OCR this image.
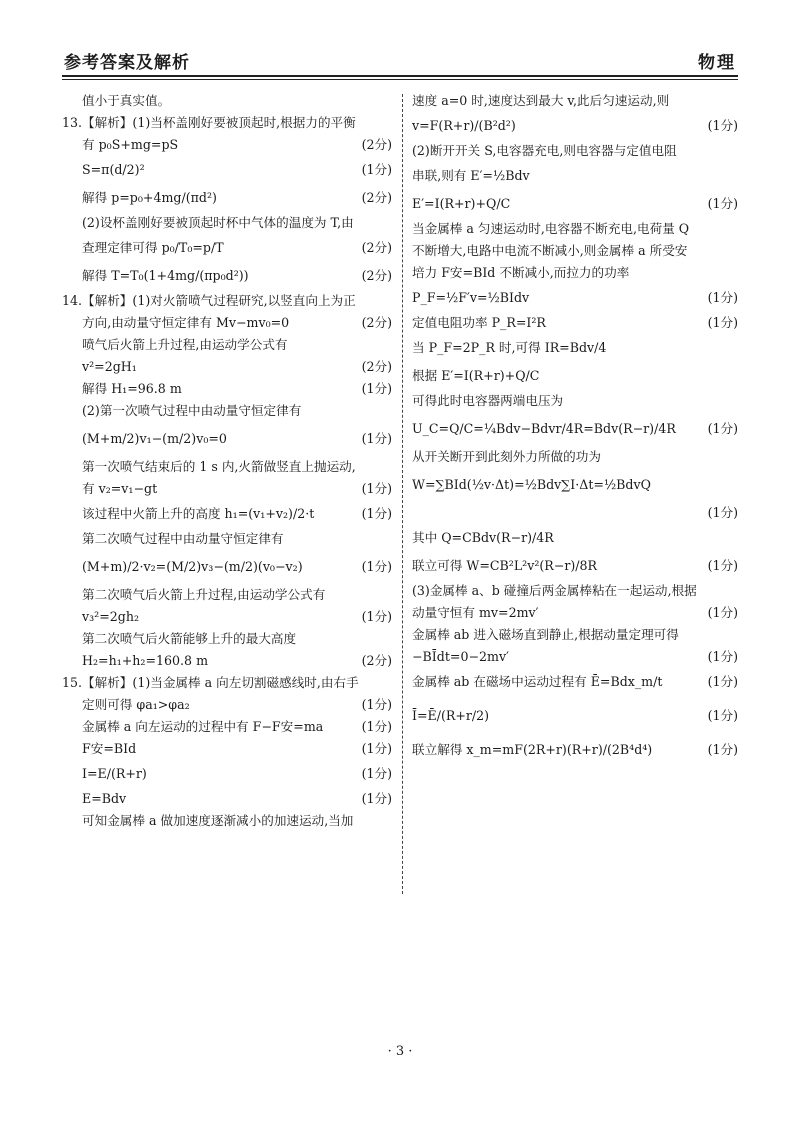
参考答案及解析	物理
值小于真实值。
13.【解析】(1)当杯盖刚好要被顶起时,根据力的平衡
有 p₀S+mg=pS	(2分)
S=π(d/2)²	(1分)
解得 p=p₀+4mg/(πd²)	(2分)
(2)设杯盖刚好要被顶起时杯中气体的温度为 T,由
查理定律可得 p₀/T₀=p/T	(2分)
解得 T=T₀(1+4mg/(πp₀d²))	(2分)
14.【解析】(1)对火箭喷气过程研究,以竖直向上为正
方向,由动量守恒定律有 Mv−mv₀=0	(2分)
喷气后火箭上升过程,由运动学公式有
v²=2gH₁	(2分)
解得 H₁=96.8 m	(1分)
(2)第一次喷气过程中由动量守恒定律有
(M+m/2)v₁−(m/2)v₀=0	(1分)
第一次喷气结束后的 1 s 内,火箭做竖直上抛运动,
有 v₂=v₁−gt	(1分)
该过程中火箭上升的高度 h₁=(v₁+v₂)/2·t	(1分)
第二次喷气过程中由动量守恒定律有
(M+m)/2·v₂=(M/2)v₃−(m/2)(v₀−v₂)	(1分)
第二次喷气后火箭上升过程,由运动学公式有
v₃²=2gh₂	(1分)
第二次喷气后火箭能够上升的最大高度
H₂=h₁+h₂=160.8 m	(2分)
15.【解析】(1)当金属棒 a 向左切割磁感线时,由右手
定则可得 φa₁>φa₂	(1分)
金属棒 a 向左运动的过程中有 F−F安=ma	(1分)
F安=BId	(1分)
I=E/(R+r)	(1分)
E=Bdv	(1分)
可知金属棒 a 做加速度逐渐减小的加速运动,当加
速度 a=0 时,速度达到最大 v,此后匀速运动,则
v=F(R+r)/(B²d²)	(1分)
(2)断开开关 S,电容器充电,则电容器与定值电阻
串联,则有 E′=½Bdv
E′=I(R+r)+Q/C	(1分)
当金属棒 a 匀速运动时,电容器不断充电,电荷量 Q
不断增大,电路中电流不断减小,则金属棒 a 所受安
培力 F安=BId 不断减小,而拉力的功率
P_F=½F′v=½BIdv	(1分)
定值电阻功率 P_R=I²R	(1分)
当 P_F=2P_R 时,可得 IR=Bdv/4
根据 E′=I(R+r)+Q/C
可得此时电容器两端电压为
U_C=Q/C=¼Bdv−Bdvr/4R=Bdv(R−r)/4R	(1分)
从开关断开到此刻外力所做的功为
W=∑BId(½v·Δt)=½Bdv∑I·Δt=½BdvQ
(1分)
其中 Q=CBdv(R−r)/4R
联立可得 W=CB²L²v²(R−r)/8R	(1分)
(3)金属棒 a、b 碰撞后两金属棒粘在一起运动,根据
动量守恒有 mv=2mv′	(1分)
金属棒 ab 进入磁场直到静止,根据动量定理可得
−BĪdt=0−2mv′	(1分)
金属棒 ab 在磁场中运动过程有 Ē=Bdx_m/t	(1分)
Ī=Ē/(R+r/2)	(1分)
联立解得 x_m=mF(2R+r)(R+r)/(2B⁴d⁴)	(1分)
· 3 ·
